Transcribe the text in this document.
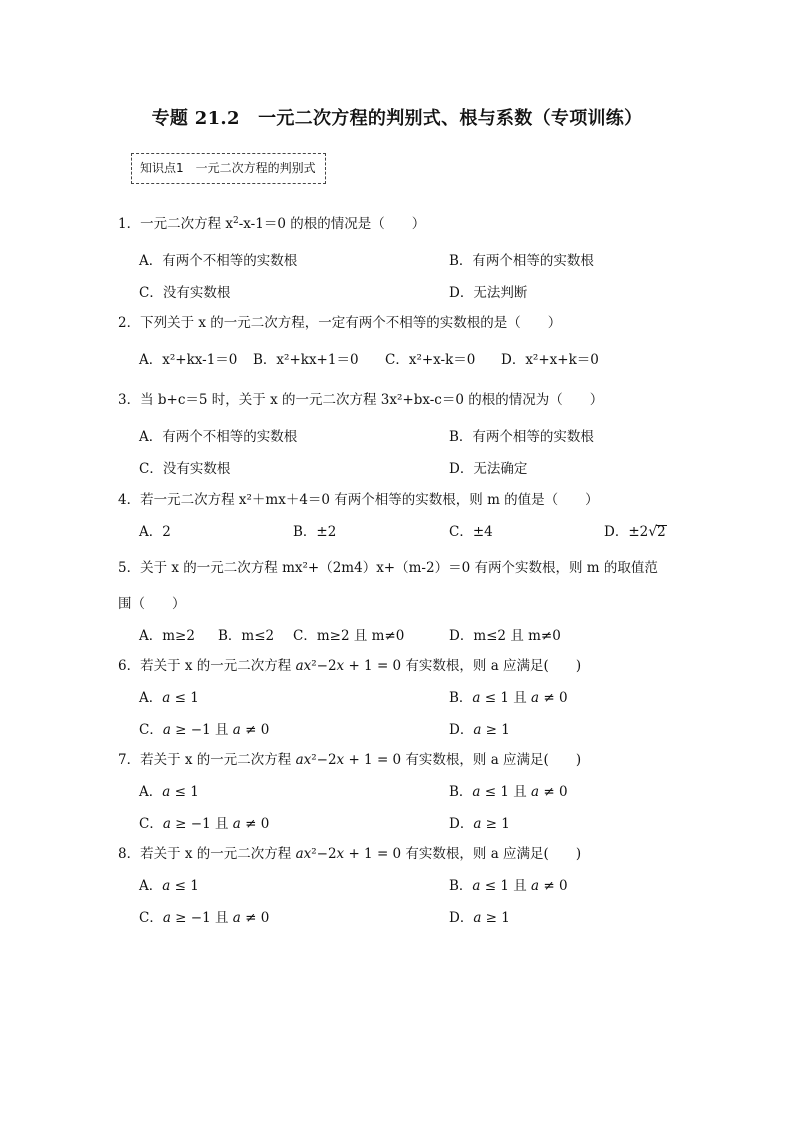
专题 21.2　一元二次方程的判别式、根与系数（专项训练）
知识点1　一元二次方程的判别式
1．一元二次方程 $x^2-x-1=0$ 的根的情况是（　　）
A．有两个不相等的实数根	B．有两个相等的实数根
C．没有实数根	D．无法判断
2．下列关于 x 的一元二次方程，一定有两个不相等的实数根的是（　　）
A．x²+kx-1＝0 B．x²+kx+1＝0 C．x²+x-k＝0 D．x²+x+k＝0
3．当 b+c＝5 时，关于 x 的一元二次方程 3x²+bx-c＝0 的根的情况为（　　）
A．有两个不相等的实数根	B．有两个相等的实数根
C．没有实数根	D．无法确定
4．若一元二次方程 x²＋mx＋4＝0 有两个相等的实数根，则 m 的值是（　　）
A．2	B．±2	C．±4	D．±2√2
5．关于 x 的一元二次方程 mx²+（2m4）x+（m-2）＝0 有两个实数根，则 m 的取值范
围（　　）
A．m≥2 B．m≤2 C．m≥2 且 m≠0	D．m≤2 且 m≠0
6．若关于 x 的一元二次方程 𝑎𝑥²−2𝑥 + 1 = 0 有实数根，则 a 应满足(　　)
A．𝑎 ≤ 1	B．𝑎 ≤ 1 且 𝑎 ≠ 0
C．𝑎 ≥ −1 且 𝑎 ≠ 0	D．𝑎 ≥ 1
7．若关于 x 的一元二次方程 𝑎𝑥²−2𝑥 + 1 = 0 有实数根，则 a 应满足(　　)
A．𝑎 ≤ 1	B．𝑎 ≤ 1 且 𝑎 ≠ 0
C．𝑎 ≥ −1 且 𝑎 ≠ 0	D．𝑎 ≥ 1
8．若关于 x 的一元二次方程 𝑎𝑥²−2𝑥 + 1 = 0 有实数根，则 a 应满足(　　)
A．𝑎 ≤ 1	B．𝑎 ≤ 1 且 𝑎 ≠ 0
C．𝑎 ≥ −1 且 𝑎 ≠ 0	D．𝑎 ≥ 1
